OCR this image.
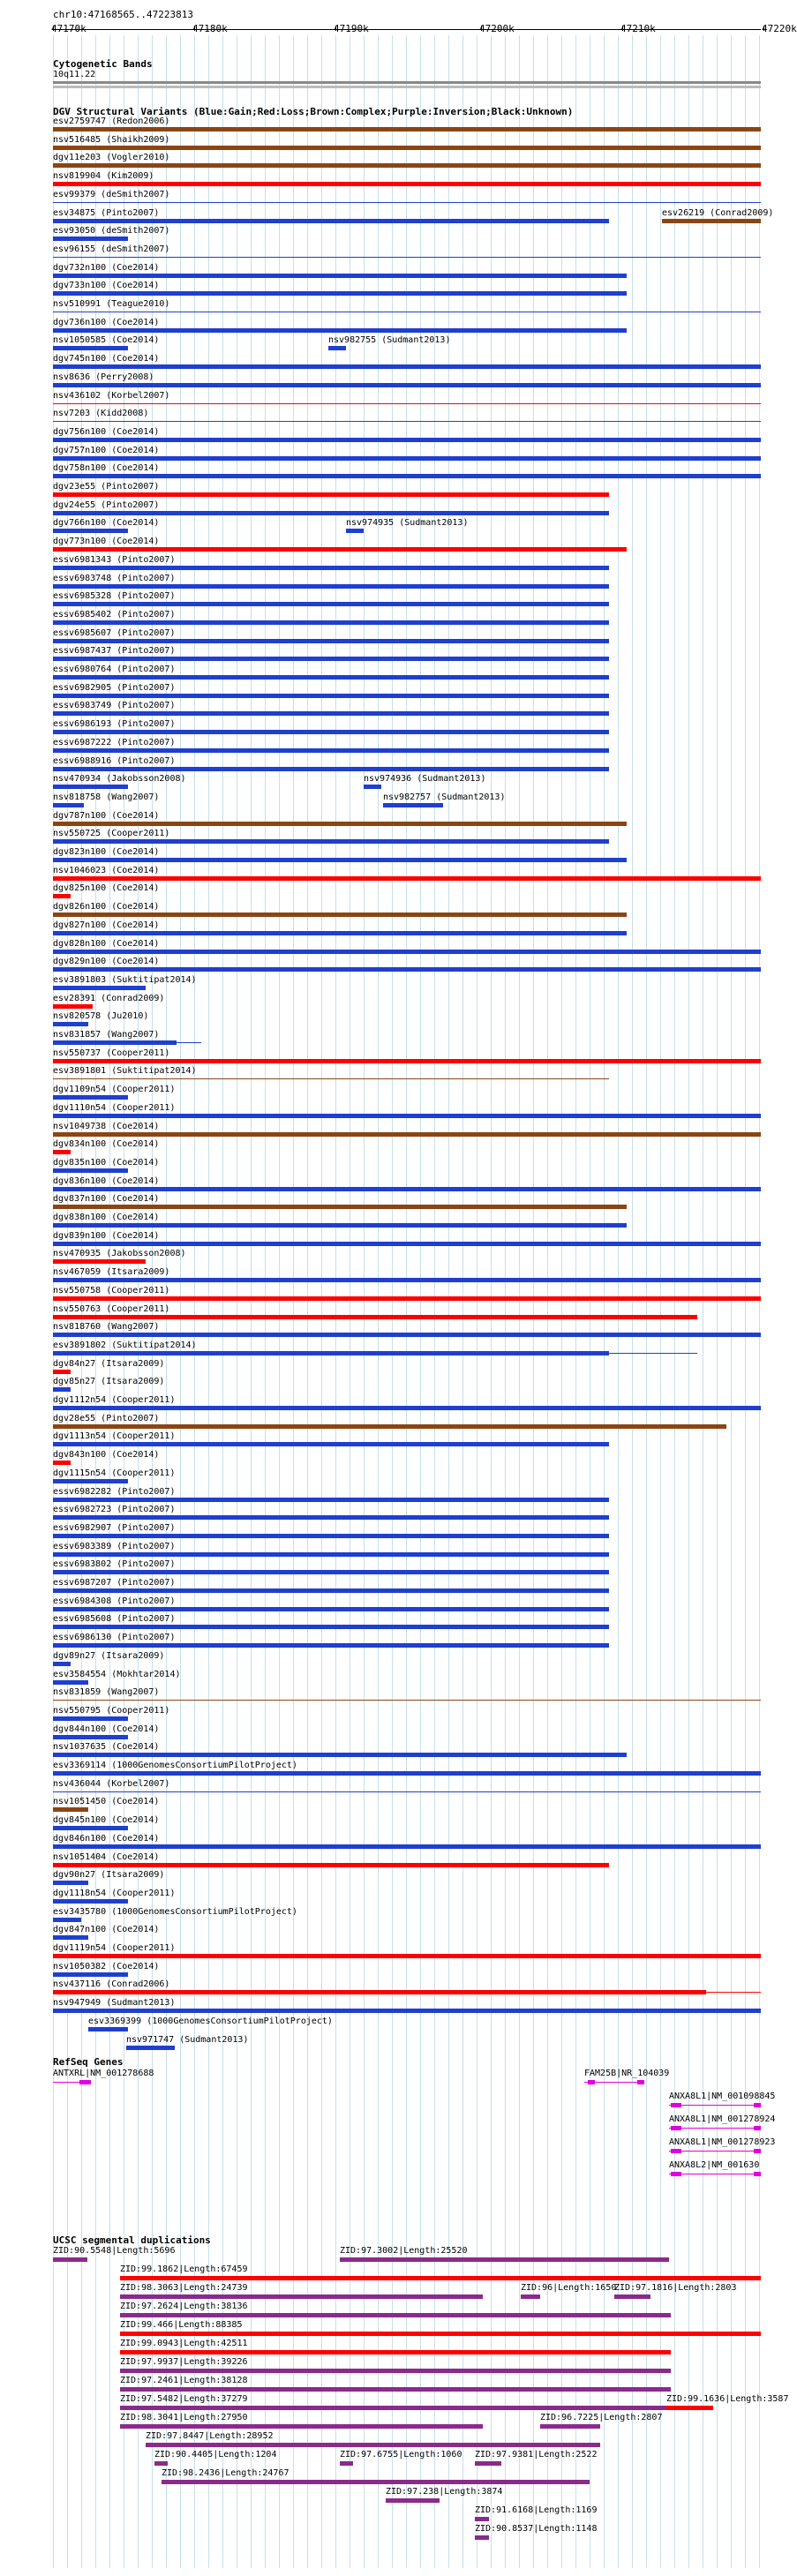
chr10:47168565..47223813
47170k	47180k	47190k	47200k	47210k	47220k
Cytogenetic Bands
10q11.22
DGV Structural Variants (Blue:Gain;Red:Loss;Brown:Complex;Purple:Inversion;Black:Unknown)
esv2759747 (Redon2006)
nsv516485 (Shaikh2009)
dgv11e203 (Vogler2010)
nsv819904 (Kim2009)
esv99379 (deSmith2007)
esv34875 (Pinto2007)	esv26219 (Conrad2009)
esv93050 (deSmith2007)
esv96155 (deSmith2007)
dgv732n100 (Coe2014)
dgv733n100 (Coe2014)
nsv510991 (Teague2010)
dgv736n100 (Coe2014)
nsv1050585 (Coe2014)	nsv982755 (Sudmant2013)
dgv745n100 (Coe2014)
nsv8636 (Perry2008)
nsv436102 (Korbel2007)
nsv7203 (Kidd2008)
dgv756n100 (Coe2014)
dgv757n100 (Coe2014)
dgv758n100 (Coe2014)
dgv23e55 (Pinto2007)
dgv24e55 (Pinto2007)
dgv766n100 (Coe2014)	nsv974935 (Sudmant2013)
dgv773n100 (Coe2014)
essv6981343 (Pinto2007)
essv6983748 (Pinto2007)
essv6985328 (Pinto2007)
essv6985402 (Pinto2007)
essv6985607 (Pinto2007)
essv6987437 (Pinto2007)
essv6980764 (Pinto2007)
essv6982905 (Pinto2007)
essv6983749 (Pinto2007)
essv6986193 (Pinto2007)
essv6987222 (Pinto2007)
essv6988916 (Pinto2007)
nsv470934 (Jakobsson2008)	nsv974936 (Sudmant2013)
nsv818758 (Wang2007)	nsv982757 (Sudmant2013)
dgv787n100 (Coe2014)
nsv550725 (Cooper2011)
dgv823n100 (Coe2014)
nsv1046023 (Coe2014)
dgv825n100 (Coe2014)
dgv826n100 (Coe2014)
dgv827n100 (Coe2014)
dgv828n100 (Coe2014)
dgv829n100 (Coe2014)
esv3891803 (Suktitipat2014)
esv28391 (Conrad2009)
nsv820578 (Ju2010)
nsv831857 (Wang2007)
nsv550737 (Cooper2011)
esv3891801 (Suktitipat2014)
dgv1109n54 (Cooper2011)
dgv1110n54 (Cooper2011)
nsv1049738 (Coe2014)
dgv834n100 (Coe2014)
dgv835n100 (Coe2014)
dgv836n100 (Coe2014)
dgv837n100 (Coe2014)
dgv838n100 (Coe2014)
dgv839n100 (Coe2014)
nsv470935 (Jakobsson2008)
nsv467059 (Itsara2009)
nsv550758 (Cooper2011)
nsv550763 (Cooper2011)
nsv818760 (Wang2007)
esv3891802 (Suktitipat2014)
dgv84n27 (Itsara2009)
dgv85n27 (Itsara2009)
dgv1112n54 (Cooper2011)
dgv28e55 (Pinto2007)
dgv1113n54 (Cooper2011)
dgv843n100 (Coe2014)
dgv1115n54 (Cooper2011)
essv6982282 (Pinto2007)
essv6982723 (Pinto2007)
essv6982907 (Pinto2007)
essv6983389 (Pinto2007)
essv6983802 (Pinto2007)
essv6987207 (Pinto2007)
essv6984308 (Pinto2007)
essv6985608 (Pinto2007)
essv6986130 (Pinto2007)
dgv89n27 (Itsara2009)
esv3584554 (Mokhtar2014)
nsv831859 (Wang2007)
nsv550795 (Cooper2011)
dgv844n100 (Coe2014)
nsv1037635 (Coe2014)
esv3369114 (1000GenomesConsortiumPilotProject)
nsv436044 (Korbel2007)
nsv1051450 (Coe2014)
dgv845n100 (Coe2014)
dgv846n100 (Coe2014)
nsv1051404 (Coe2014)
dgv90n27 (Itsara2009)
dgv1118n54 (Cooper2011)
esv3435780 (1000GenomesConsortiumPilotProject)
dgv847n100 (Coe2014)
dgv1119n54 (Cooper2011)
nsv1050382 (Coe2014)
nsv437116 (Conrad2006)
nsv947949 (Sudmant2013)
esv3369399 (1000GenomesConsortiumPilotProject)
nsv971747 (Sudmant2013)
RefSeq Genes
ANTXRL|NM_001278688	FAM25B|NR_104039
ANXA8L1|NM_001098845
ANXA8L1|NM_001278924
ANXA8L1|NM_001278923
ANXA8L2|NM_001630
UCSC segmental duplications
ZID:90.5548|Length:5696	ZID:97.3002|Length:25520
ZID:99.1862|Length:67459
ZID:98.3063|Length:24739	ZID:96|Length:1650
ZID:97.1816|Length:2803
ZID:97.2624|Length:38136
ZID:99.466|Length:88385
ZID:99.0943|Length:42511
ZID:97.9937|Length:39226
ZID:97.2461|Length:38128
ZID:97.5482|Length:37279	ZID:99.1636|Length:3587
ZID:98.3041|Length:27950	ZID:96.7225|Length:2807
ZID:97.8447|Length:28952
ZID:90.4405|Length:1204	ZID:97.6755|Length:1060 ZID:97.9381|Length:2522
ZID:98.2436|Length:24767
ZID:97.238|Length:3874
ZID:91.6168|Length:1169
ZID:90.8537|Length:1148
